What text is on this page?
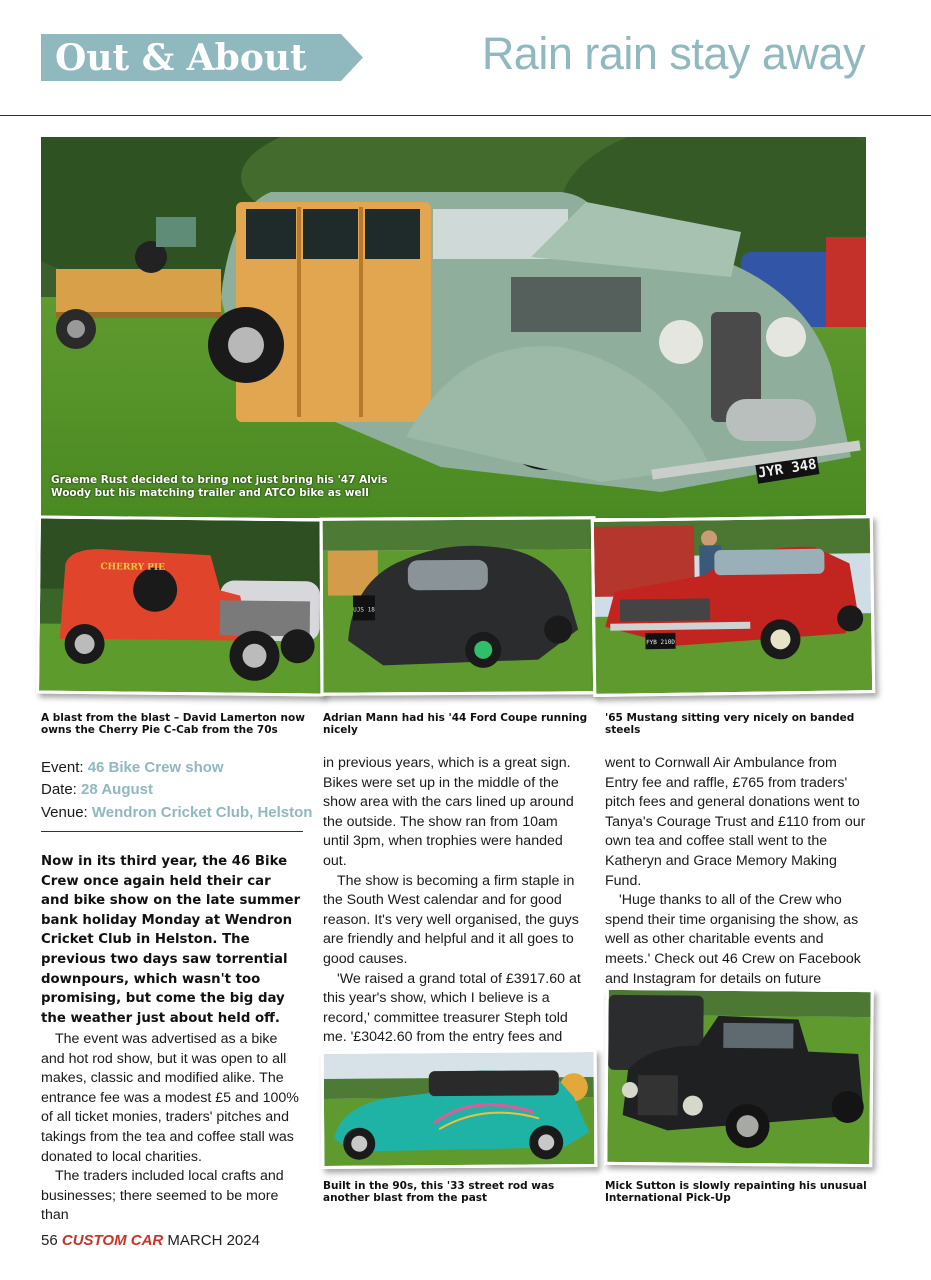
Out & About	Rain rain stay away
JYR 348
Graeme Rust decided to bring not just bring his '47 Alvis Woody but his matching trailer and ATCO bike as well
CHERRY PIE
UJS 18
FYB 210D
A blast from the blast – David Lamerton now owns the Cherry Pie C-Cab from the 70s
Adrian Mann had his '44 Ford Coupe running nicely
'65 Mustang sitting very nicely on banded steels
Event: 46 Bike Crew show
Date: 28 August
Venue: Wendron Cricket Club, Helston
Now in its third year, the 46 Bike Crew once again held their car and bike show on the late summer bank holiday Monday at Wendron Cricket Club in Helston. The previous two days saw torrential downpours, which wasn't too promising, but come the big day the weather just about held off.

The event was advertised as a bike and hot rod show, but it was open to all makes, classic and modified alike. The entrance fee was a modest £5 and 100% of all ticket monies, traders' pitches and takings from the tea and coffee stall was donated to local charities.

The traders included local crafts and businesses; there seemed to be more than

in previous years, which is a great sign. Bikes were set up in the middle of the show area with the cars lined up around the outside. The show ran from 10am until 3pm, when trophies were handed out.

The show is becoming a firm staple in the South West calendar and for good reason. It's very well organised, the guys are friendly and helpful and it all goes to good causes.

'We raised a grand total of £3917.60 at this year's show, which I believe is a record,' committee treasurer Steph told me. '£3042.60 from the entry fees and

went to Cornwall Air Ambulance from Entry fee and raffle, £765 from traders' pitch fees and general donations went to Tanya's Courage Trust and £110 from our own tea and coffee stall went to the Katheryn and Grace Memory Making Fund.

'Huge thanks to all of the Crew who spend their time organising the show, as well as other charitable events and meets.' Check out 46 Crew on Facebook and Instagram for details on future

Built in the 90s, this '33 street rod was another blast from the past
Mick Sutton is slowly repainting his unusual International Pick-Up
56 CUSTOM CAR MARCH 2024
